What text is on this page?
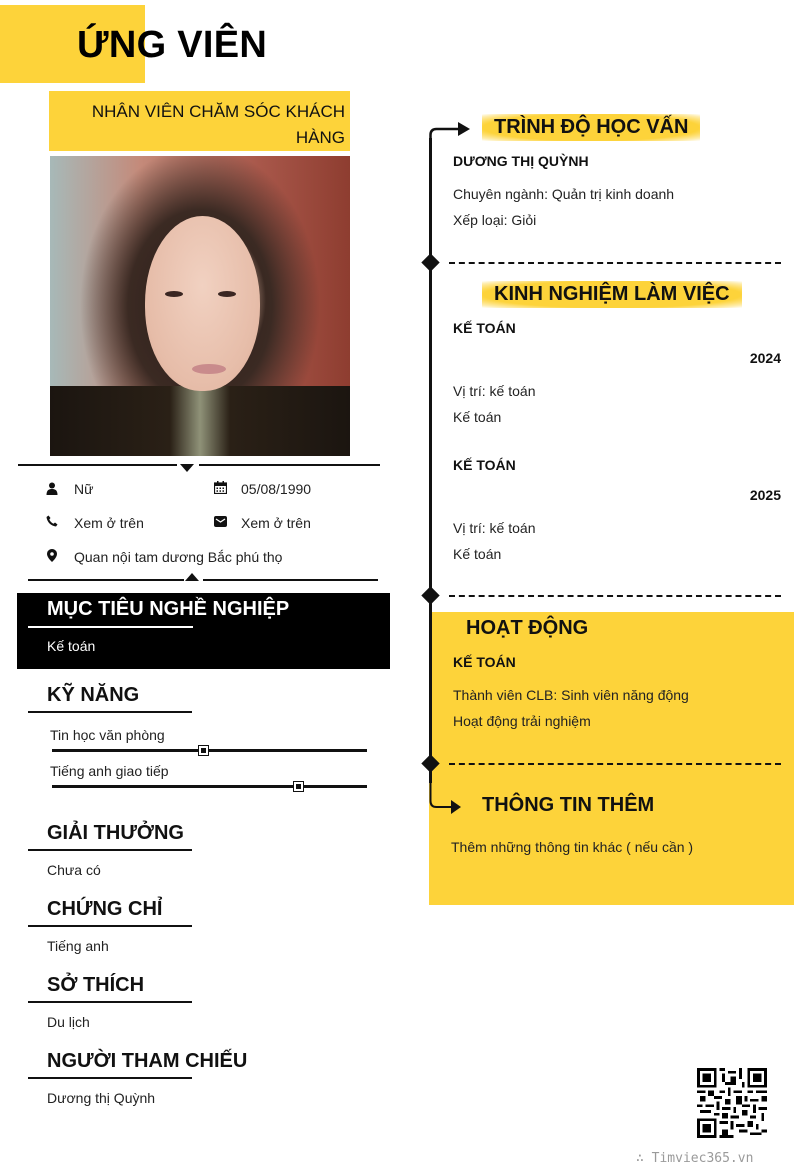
ỨNG VIÊN
NHÂN VIÊN CHĂM SÓC KHÁCH HÀNG
Nữ	05/08/1990
Xem ở trên	Xem ở trên
Quan nội tam dương Bắc phú thọ
MỤC TIÊU NGHỀ NGHIỆP
Kế toán
KỸ NĂNG
Tin học văn phòng
Tiếng anh giao tiếp
GIẢI THƯỞNG
Chưa có
CHỨNG CHỈ
Tiếng anh
SỞ THÍCH
Du lịch
NGƯỜI THAM CHIẾU
Dương thị Quỳnh
TRÌNH ĐỘ HỌC VẤN
DƯƠNG THỊ QUỲNH
Chuyên ngành: Quản trị kinh doanh
Xếp loại: Giỏi
KINH NGHIỆM LÀM VIỆC
KẾ TOÁN
2024
Vị trí: kế toán
Kế toán
KẾ TOÁN
2025
Vị trí: kế toán
Kế toán
HOẠT ĐỘNG
KẾ TOÁN
Thành viên CLB: Sinh viên năng động
Hoạt động trải nghiệm
THÔNG TIN THÊM
Thêm những thông tin khác ( nếu cần )
∴ Timviec365.vn
